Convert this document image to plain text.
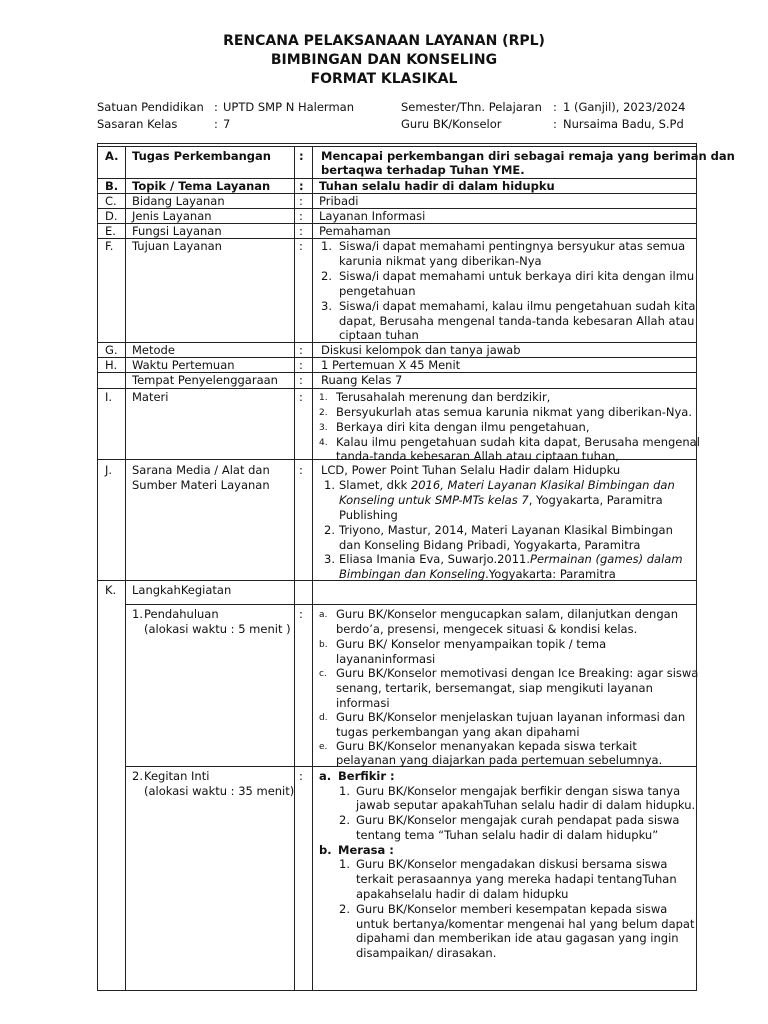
RENCANA PELAKSANAAN LAYANAN (RPL)
BIMBINGAN DAN KONSELING
FORMAT KLASIKAL
Satuan Pendidikan : UPTD SMP N Halerman
Sasaran Kelas	: 7
Semester/Thn. Pelajaran : 1 (Ganjil), 2023/2024
Guru BK/Konselor	: Nursaima Badu, S.Pd
A. Tugas Perkembangan : Mencapai perkembangan diri sebagai remaja yang beriman dan
bertaqwa terhadap Tuhan YME.
B. Topik / Tema Layanan	: Tuhan selalu hadir di dalam hidupku
C. Bidang Layanan	: Pribadi
D. Jenis Layanan	: Layanan Informasi
E. Fungsi Layanan	: Pemahaman
F. Tujuan Layanan	: 1. Siswa/i dapat memahami pentingnya bersyukur atas semua
karunia nikmat yang diberikan-Nya
2. Siswa/i dapat memahami untuk berkaya diri kita dengan ilmu
pengetahuan
3. Siswa/i dapat memahami, kalau ilmu pengetahuan sudah kita
dapat, Berusaha mengenal tanda-tanda kebesaran Allah atau
ciptaan tuhan
G. Metode	: Diskusi kelompok dan tanya jawab
H. Waktu Pertemuan	: 1 Pertemuan X 45 Menit
Tempat Penyelenggaraan : Ruang Kelas 7
I. Materi	: 1. Terusahalah merenung dan berdzikir,
2. Bersyukurlah atas semua karunia nikmat yang diberikan-Nya.
3. Berkaya diri kita dengan ilmu pengetahuan,
4. Kalau ilmu pengetahuan sudah kita dapat, Berusaha mengenal
tanda-tanda kebesaran Allah atau ciptaan tuhan,
J. Sarana Media / Alat dan
Sumber Materi Layanan
: LCD, Power Point Tuhan Selalu Hadir dalam Hidupku
1. Slamet, dkk 2016, Materi Layanan Klasikal Bimbingan dan
Konseling untuk SMP-MTs kelas 7, Yogyakarta, Paramitra
Publishing
2. Triyono, Mastur, 2014, Materi Layanan Klasikal Bimbingan
dan Konseling Bidang Pribadi, Yogyakarta, Paramitra
3. Eliasa Imania Eva, Suwarjo.2011.Permainan (games) dalam
Bimbingan dan Konseling.Yogyakarta: Paramitra
K. LangkahKegiatan
1. Pendahuluan
(alokasi waktu : 5 menit )
: a. Guru BK/Konselor mengucapkan salam, dilanjutkan dengan
berdo’a, presensi, mengecek situasi & kondisi kelas.
b. Guru BK/ Konselor menyampaikan topik / tema
layananinformasi
c. Guru BK/Konselor memotivasi dengan Ice Breaking: agar siswa
senang, tertarik, bersemangat, siap mengikuti layanan
informasi
d. Guru BK/Konselor menjelaskan tujuan layanan informasi dan
tugas perkembangan yang akan dipahami
e. Guru BK/Konselor menanyakan kepada siswa terkait
pelayanan yang diajarkan pada pertemuan sebelumnya.
2. Kegitan Inti
(alokasi waktu : 35 menit)
: a. Berfikir :
1. Guru BK/Konselor mengajak berfikir dengan siswa tanya
jawab seputar apakahTuhan selalu hadir di dalam hidupku.
2. Guru BK/Konselor mengajak curah pendapat pada siswa
tentang tema “Tuhan selalu hadir di dalam hidupku”
b. Merasa :
1. Guru BK/Konselor mengadakan diskusi bersama siswa
terkait perasaannya yang mereka hadapi tentangTuhan
apakahselalu hadir di dalam hidupku
2. Guru BK/Konselor memberi kesempatan kepada siswa
untuk bertanya/komentar mengenai hal yang belum dapat
dipahami dan memberikan ide atau gagasan yang ingin
disampaikan/ dirasakan.
